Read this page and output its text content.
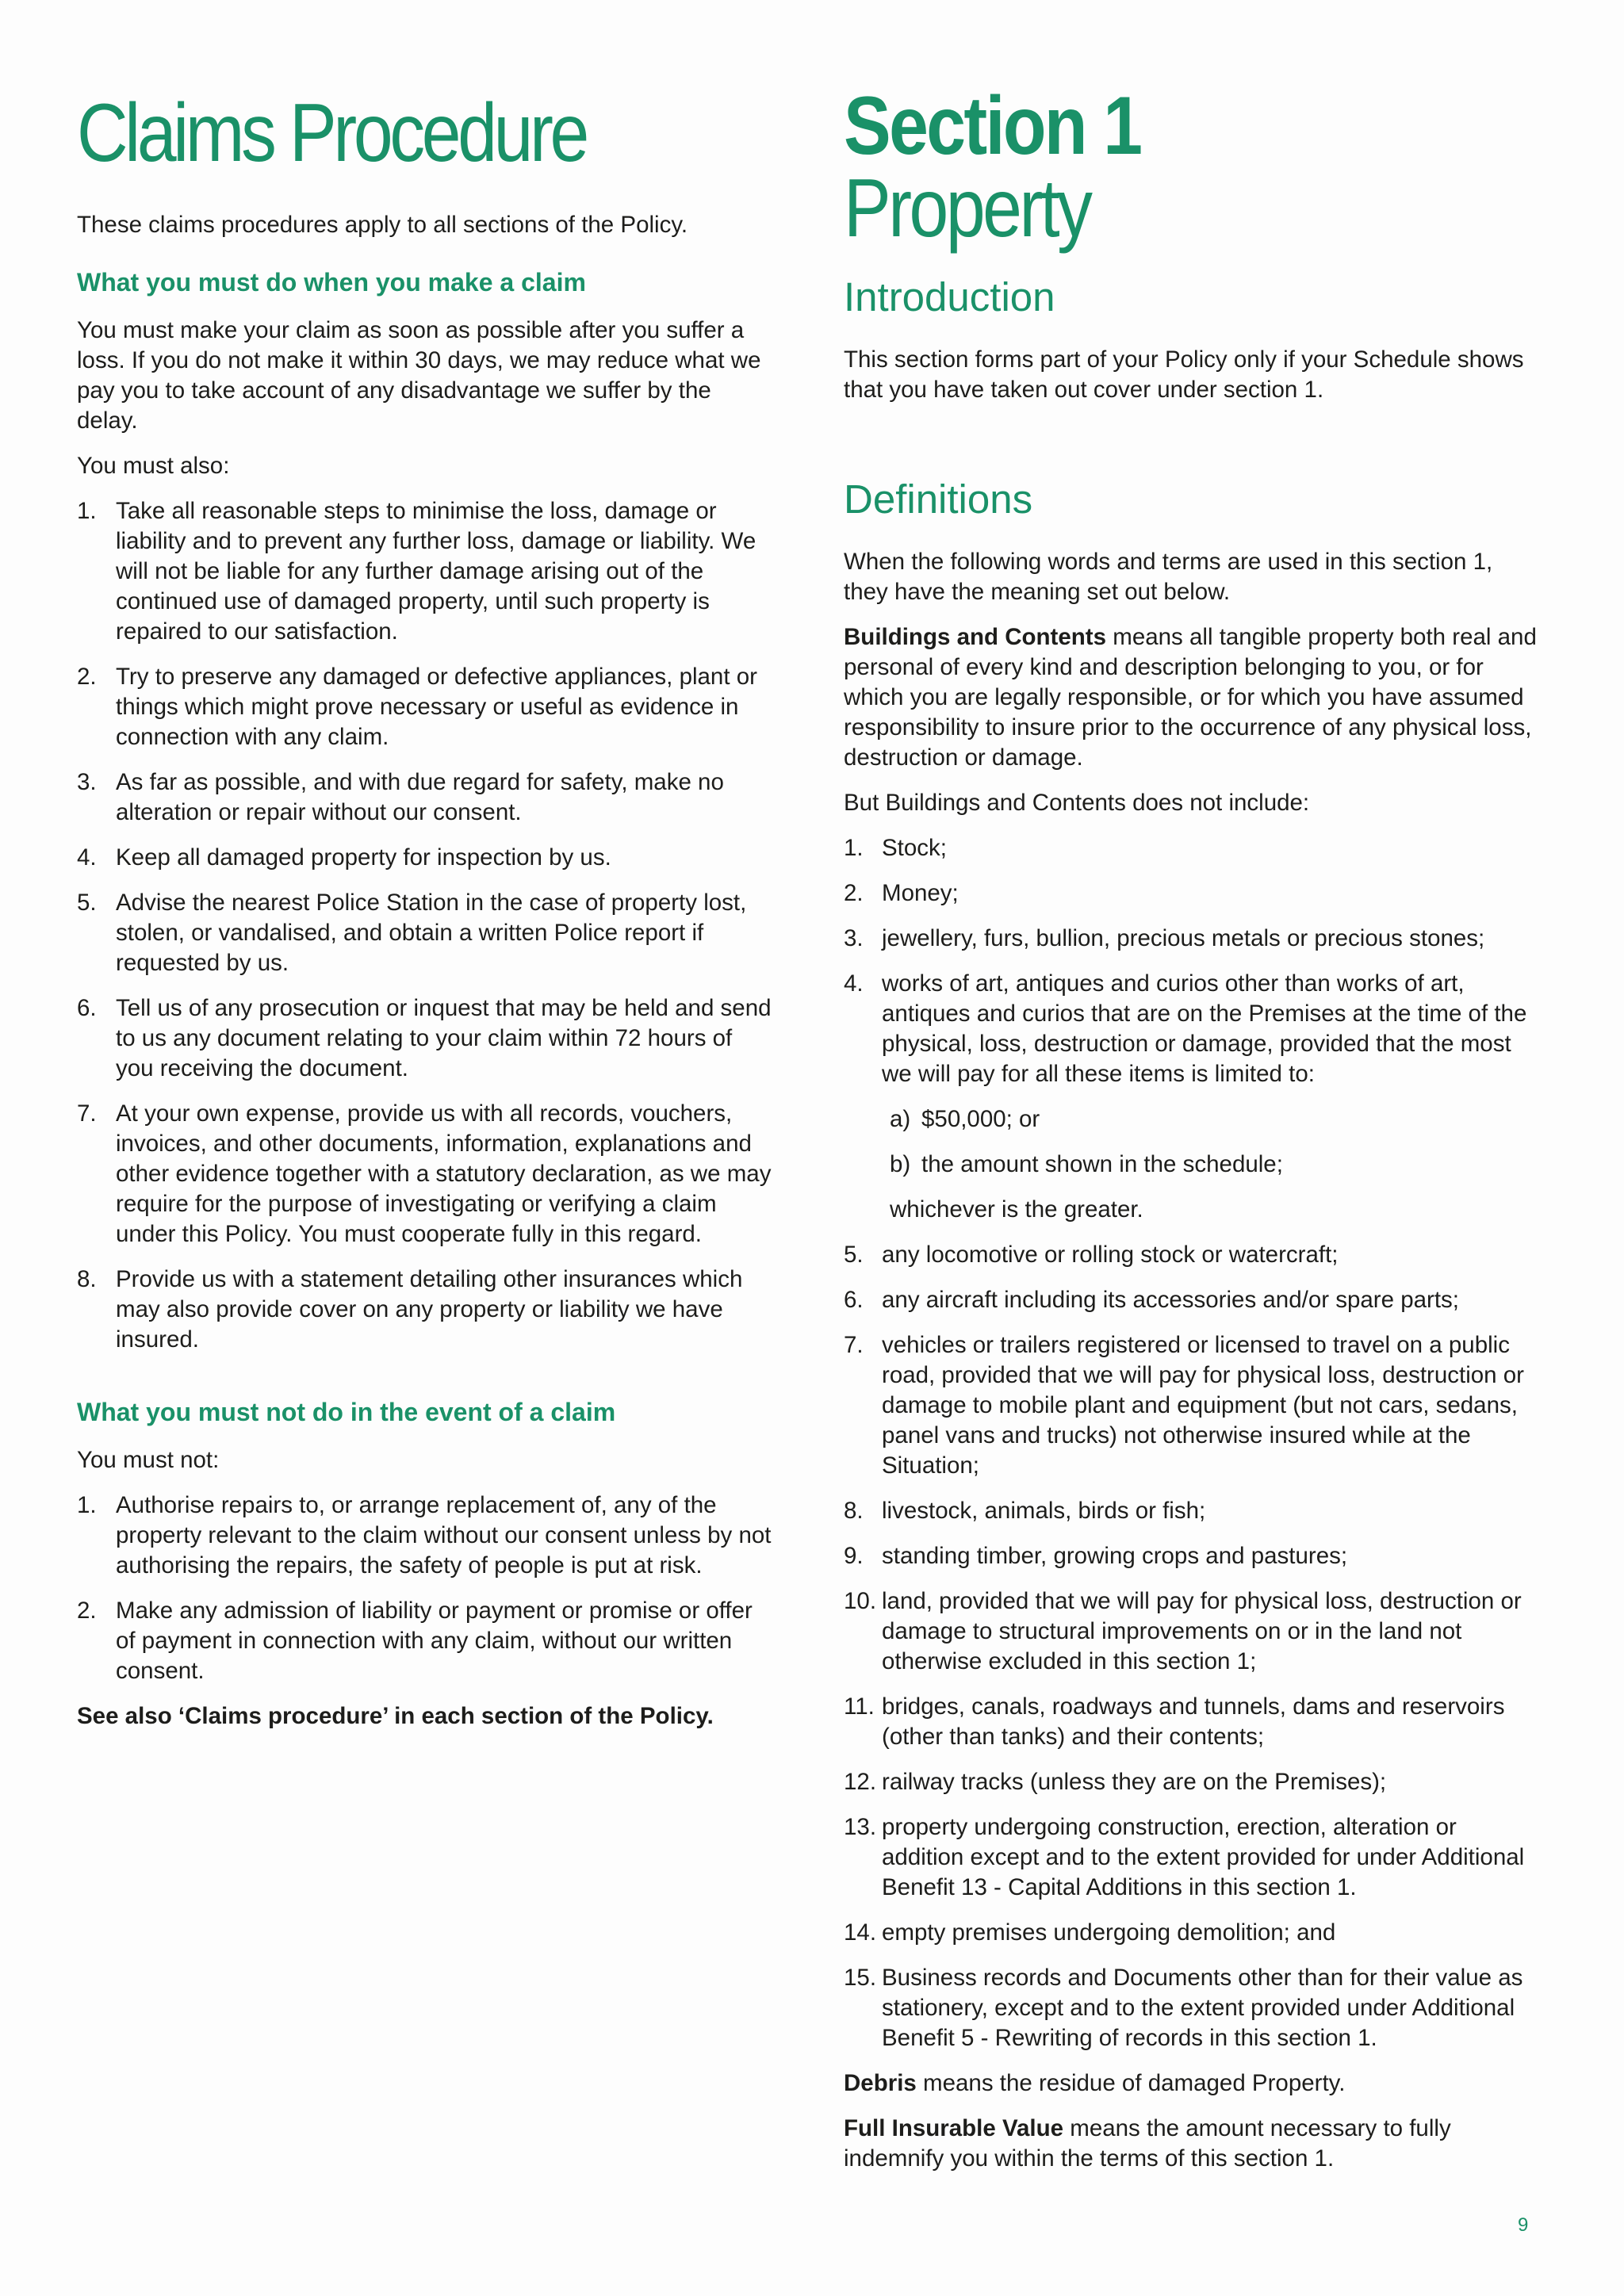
Claims Procedure

These claims procedures apply to all sections of the Policy.

What you must do when you make a claim

You must make your claim as soon as possible after you suffer a loss. If you do not make it within 30 days, we may reduce what we pay you to take account of any disadvantage we suffer by the delay.

You must also:

1. Take all reasonable steps to minimise the loss, damage or liability and to prevent any further loss, damage or liability. We will not be liable for any further damage arising out of the continued use of damaged property, until such property is repaired to our satisfaction.
2. Try to preserve any damaged or defective appliances, plant or things which might prove necessary or useful as evidence in connection with any claim.
3. As far as possible, and with due regard for safety, make no alteration or repair without our consent.
4. Keep all damaged property for inspection by us.
5. Advise the nearest Police Station in the case of property lost, stolen, or vandalised, and obtain a written Police report if requested by us.
6. Tell us of any prosecution or inquest that may be held and send to us any document relating to your claim within 72 hours of you receiving the document.
7. At your own expense, provide us with all records, vouchers, invoices, and other documents, information, explanations and other evidence together with a statutory declaration, as we may require for the purpose of investigating or verifying a claim under this Policy. You must cooperate fully in this regard.
8. Provide us with a statement detailing other insurances which may also provide cover on any property or liability we have insured.
What you must not do in the event of a claim

You must not:

1. Authorise repairs to, or arrange replacement of, any of the property relevant to the claim without our consent unless by not authorising the repairs, the safety of people is put at risk.
2. Make any admission of liability or payment or promise or offer of payment in connection with any claim, without our written consent.

See also ‘Claims procedure’ in each section of the Policy.

Section 1
Property
Introduction

This section forms part of your Policy only if your Schedule shows that you have taken out cover under section 1.

Definitions

When the following words and terms are used in this section 1, they have the meaning set out below.

Buildings and Contents means all tangible property both real and personal of every kind and description belonging to you, or for which you are legally responsible, or for which you have assumed responsibility to insure prior to the occurrence of any physical loss, destruction or damage.

But Buildings and Contents does not include:

1. Stock;
2. Money;
3. jewellery, furs, bullion, precious metals or precious stones;
4. works of art, antiques and curios other than works of art, antiques and curios that are on the Premises at the time of the physical, loss, destruction or damage, provided that the most we will pay for all these items is limited to:
a) $50,000; or
b) the amount shown in the schedule;
whichever is the greater.
5. any locomotive or rolling stock or watercraft;
6. any aircraft including its accessories and/or spare parts;
7. vehicles or trailers registered or licensed to travel on a public road, provided that we will pay for physical loss, destruction or damage to mobile plant and equipment (but not cars, sedans, panel vans and trucks) not otherwise insured while at the Situation;
8. livestock, animals, birds or fish;
9. standing timber, growing crops and pastures;
10. land, provided that we will pay for physical loss, destruction or damage to structural improvements on or in the land not otherwise excluded in this section 1;
11. bridges, canals, roadways and tunnels, dams and reservoirs (other than tanks) and their contents;
12. railway tracks (unless they are on the Premises);
13. property undergoing construction, erection, alteration or addition except and to the extent provided for under Additional Benefit 13 - Capital Additions in this section 1.
14. empty premises undergoing demolition; and
15. Business records and Documents other than for their value as stationery, except and to the extent provided under Additional Benefit 5 - Rewriting of records in this section 1.

Debris means the residue of damaged Property.

Full Insurable Value means the amount necessary to fully indemnify you within the terms of this section 1.

9
